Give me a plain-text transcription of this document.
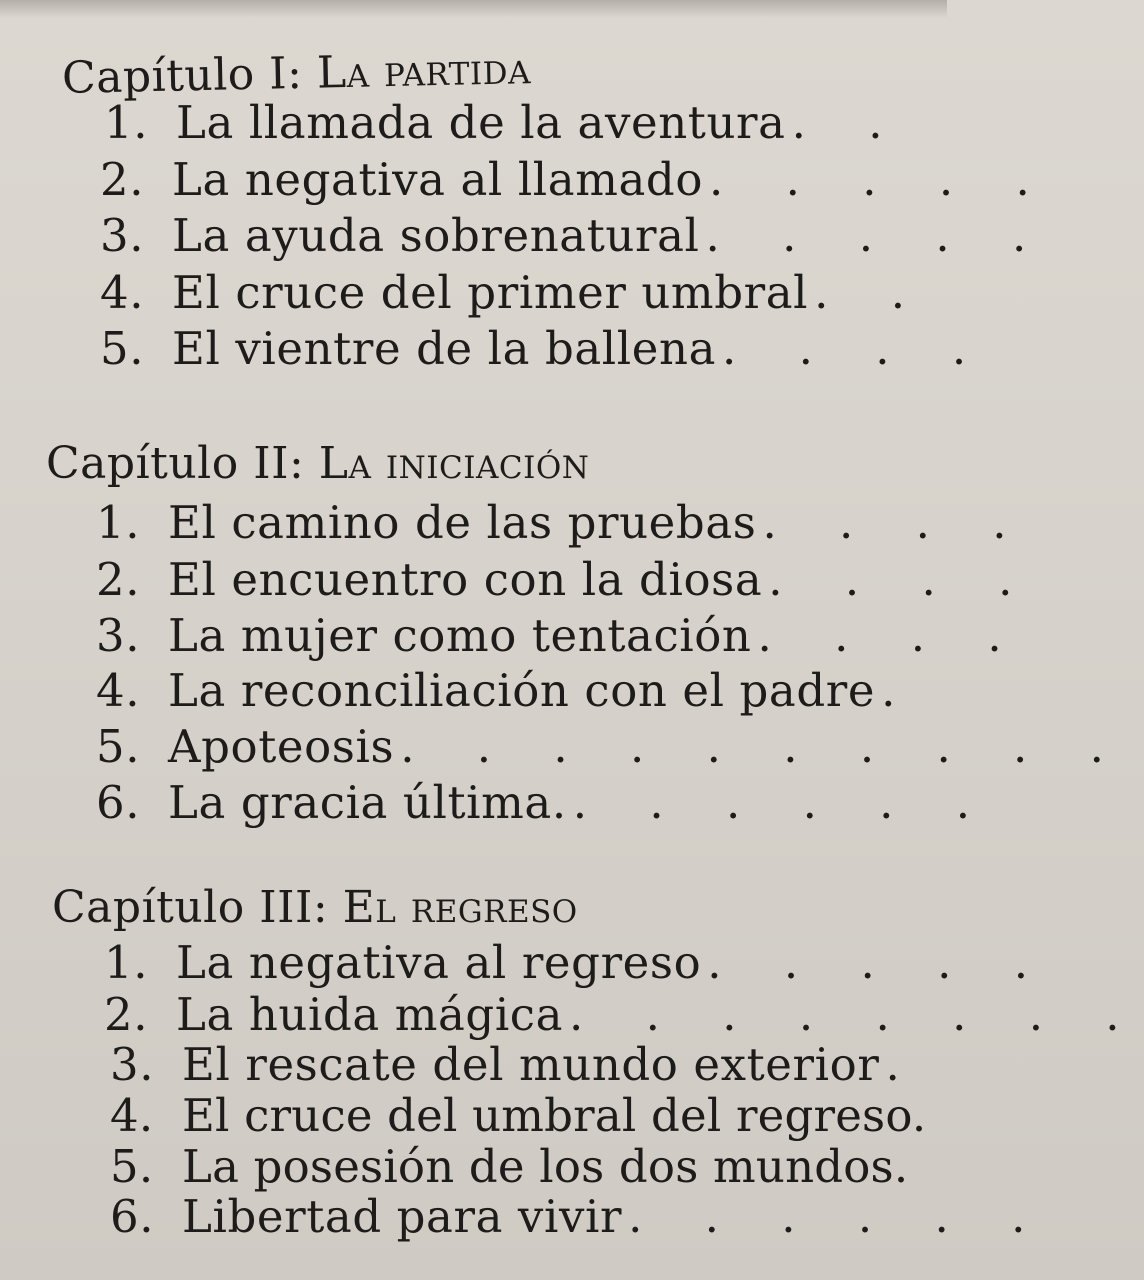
Capítulo I: La partida
1. La llamada de la aventura . .
2. La negativa al llamado . . . . .
3. La ayuda sobrenatural . . . . .
4. El cruce del primer umbral . .
5. El vientre de la ballena . . . .
Capítulo II: La iniciación
1. El camino de las pruebas . . . .
2. El encuentro con la diosa . . . .
3. La mujer como tentación . . . .
4. La reconciliación con el padre .
5. Apoteosis . . . . . . . . . .
6. La gracia última. . . . . . .
Capítulo III: El regreso
1. La negativa al regreso . . . . .
2. La huida mágica . . . . . . . .
3. El rescate del mundo exterior .
4. El cruce del umbral del regreso.
5. La posesión de los dos mundos.
6. Libertad para vivir . . . . . .
